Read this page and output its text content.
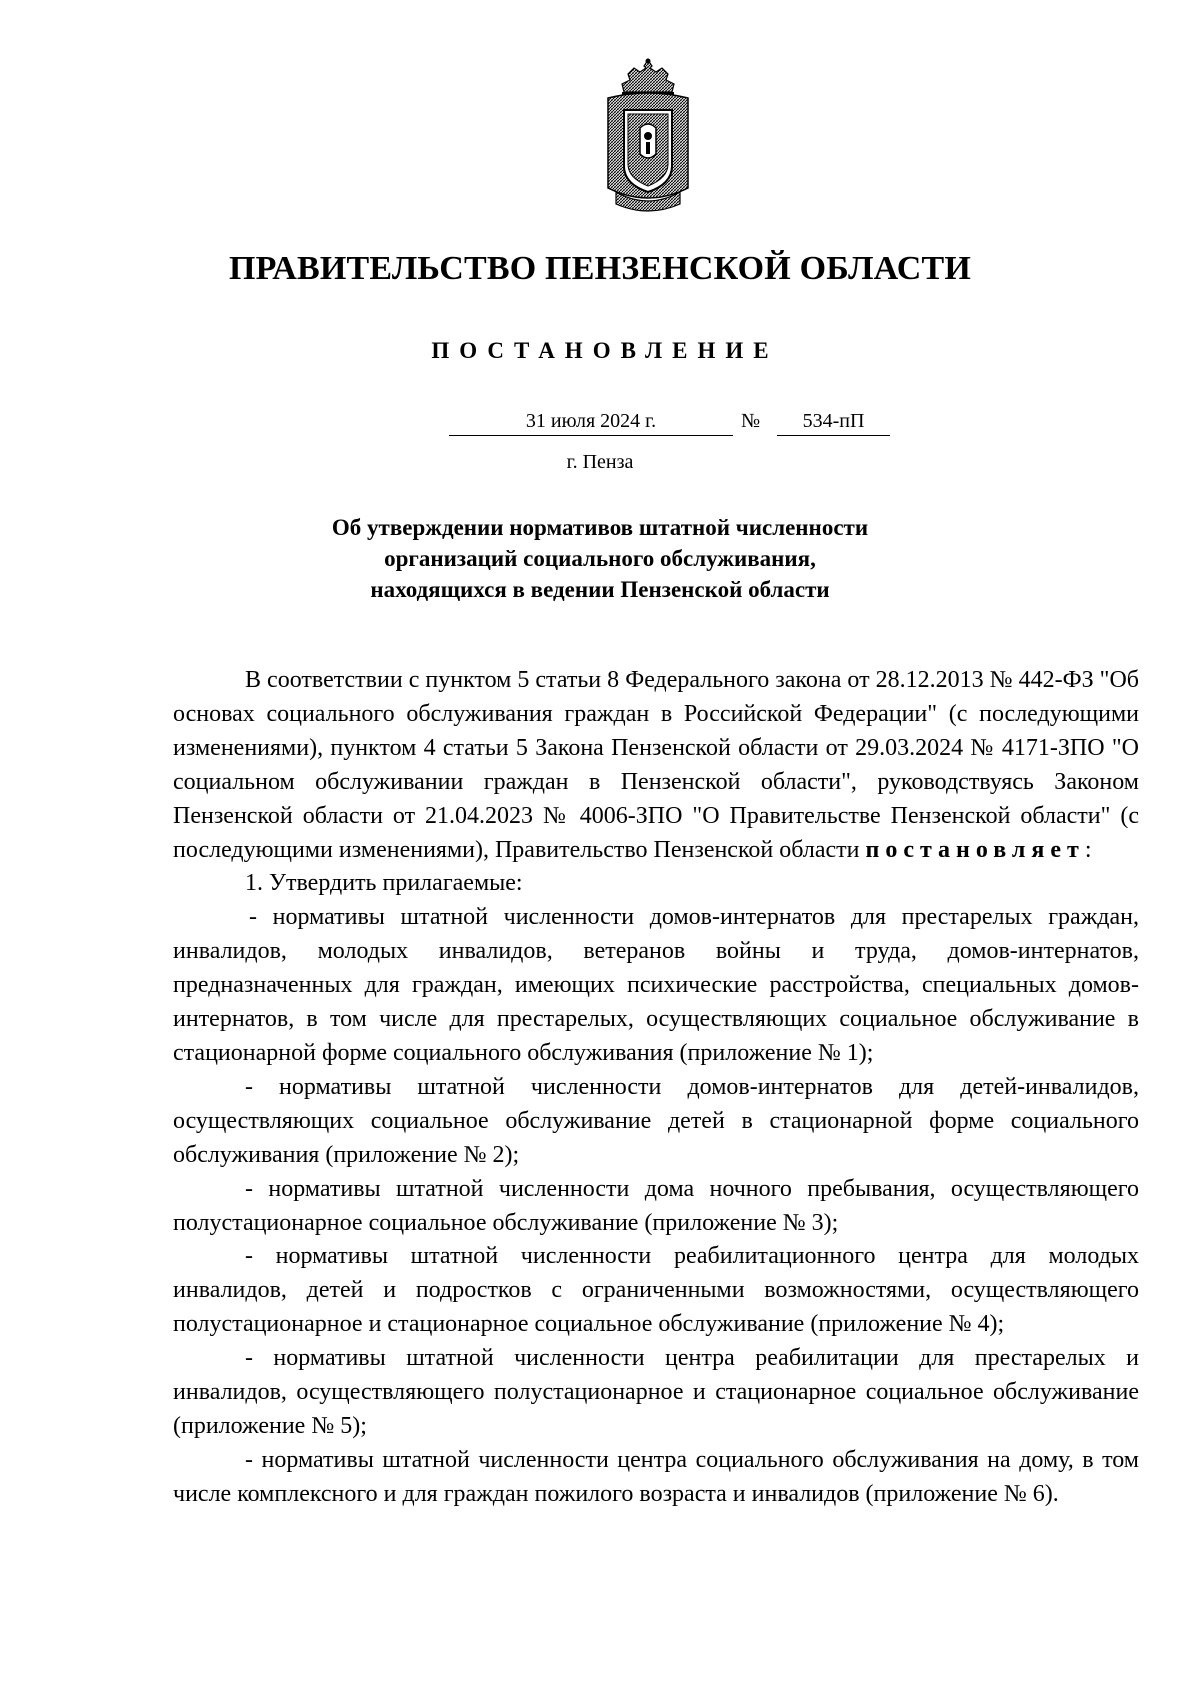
ПРАВИТЕЛЬСТВО ПЕНЗЕНСКОЙ ОБЛАСТИ
ПОСТАНОВЛЕНИЕ
31 июля 2024 г.	№	534-пП
г. Пенза
Об утверждении нормативов штатной численности
организаций социального обслуживания,
находящихся в ведении Пензенской области

В соответствии с пунктом 5 статьи 8 Федерального закона от 28.12.2013 № 442-ФЗ "Об основах социального обслуживания граждан в Российской Федерации" (с последующими изменениями), пунктом 4 статьи 5 Закона Пензенской области от 29.03.2024 № 4171-ЗПО "О социальном обслуживании граждан в Пензенской области", руководствуясь Законом Пензенской области от 21.04.2023 № 4006-ЗПО "О Правительстве Пензенской области" (с последующими изменениями), Правительство Пензенской области постановляет:

1. Утвердить прилагаемые:

- нормативы штатной численности домов-интернатов для престарелых граждан, инвалидов, молодых инвалидов, ветеранов войны и труда, домов-интернатов, предназначенных для граждан, имеющих психические расстройства, специальных домов-интернатов, в том числе для престарелых, осуществляющих социальное обслуживание в стационарной форме социального обслуживания (приложение № 1);

- нормативы штатной численности домов-интернатов для детей-инвалидов, осуществляющих социальное обслуживание детей в стационарной форме социального обслуживания (приложение № 2);

- нормативы штатной численности дома ночного пребывания, осуществляющего полустационарное социальное обслуживание (приложение № 3);

- нормативы штатной численности реабилитационного центра для молодых инвалидов, детей и подростков с ограниченными возможностями, осуществляющего полустационарное и стационарное социальное обслуживание (приложение № 4);

- нормативы штатной численности центра реабилитации для престарелых и инвалидов, осуществляющего полустационарное и стационарное социальное обслуживание (приложение № 5);

- нормативы штатной численности центра социального обслуживания на дому, в том числе комплексного и для граждан пожилого возраста и инвалидов (приложение № 6).
